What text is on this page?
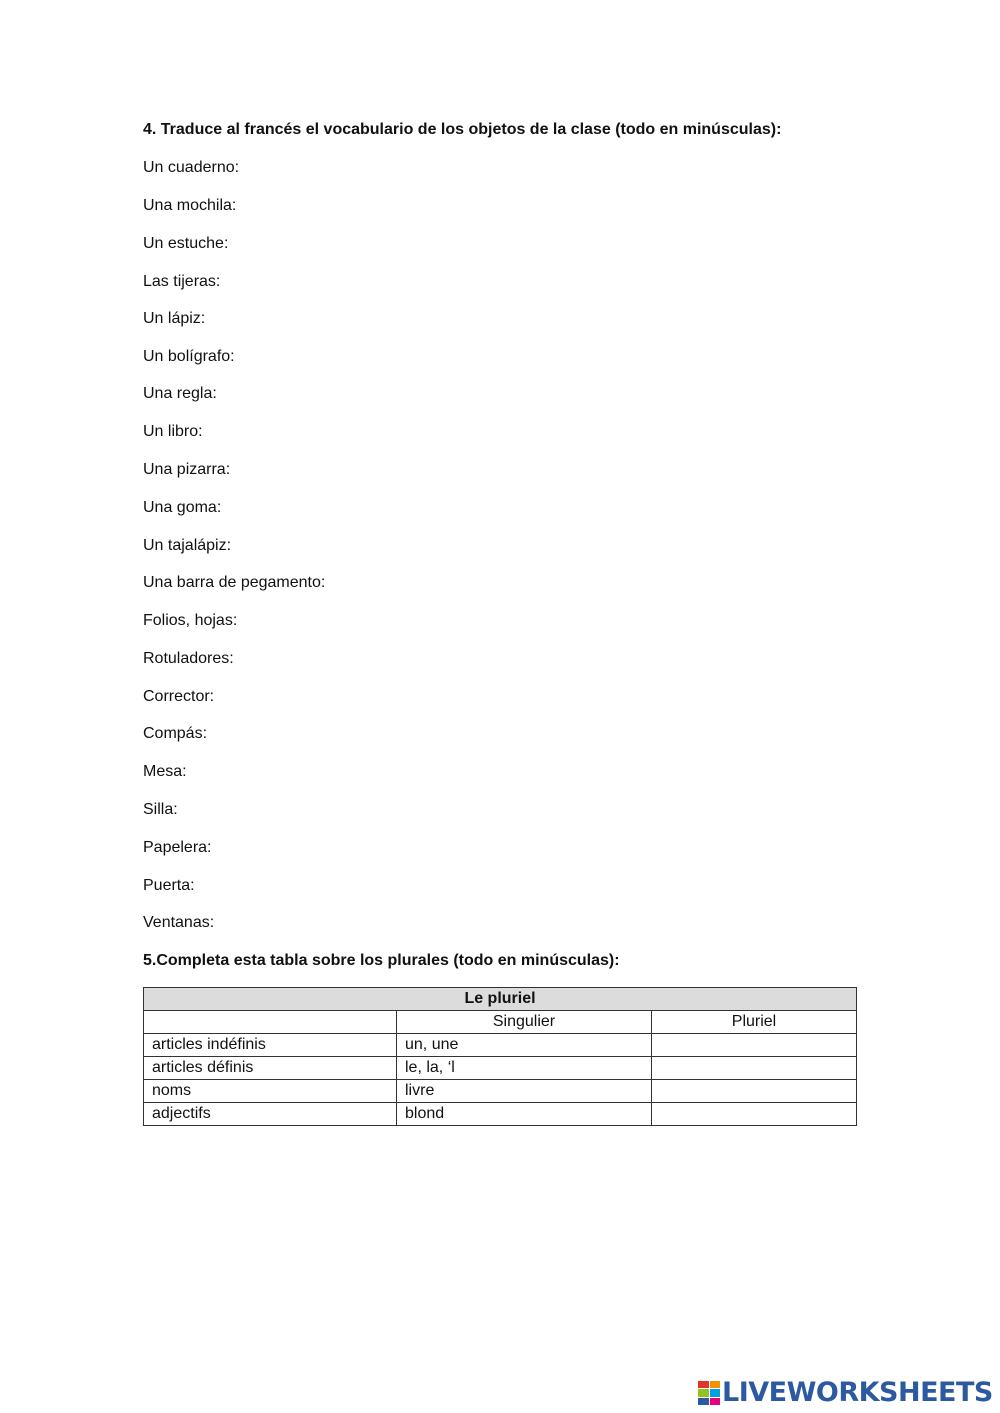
4. Traduce al francés el vocabulario de los objetos de la clase (todo en minúsculas):
Un cuaderno:
Una mochila:
Un estuche:
Las tijeras:
Un lápiz:
Un bolígrafo:
Una regla:
Un libro:
Una pizarra:
Una goma:
Un tajalápiz:
Una barra de pegamento:
Folios, hojas:
Rotuladores:
Corrector:
Compás:
Mesa:
Silla:
Papelera:
Puerta:
Ventanas:
5.Completa esta tabla sobre los plurales (todo en minúsculas):
Le pluriel		
	Singulier	Pluriel
articles indéfinis	un, une	
articles définis	le, la, ‘l	
noms	livre	
adjectifs	blond	
LIVEWORKSHEETS
